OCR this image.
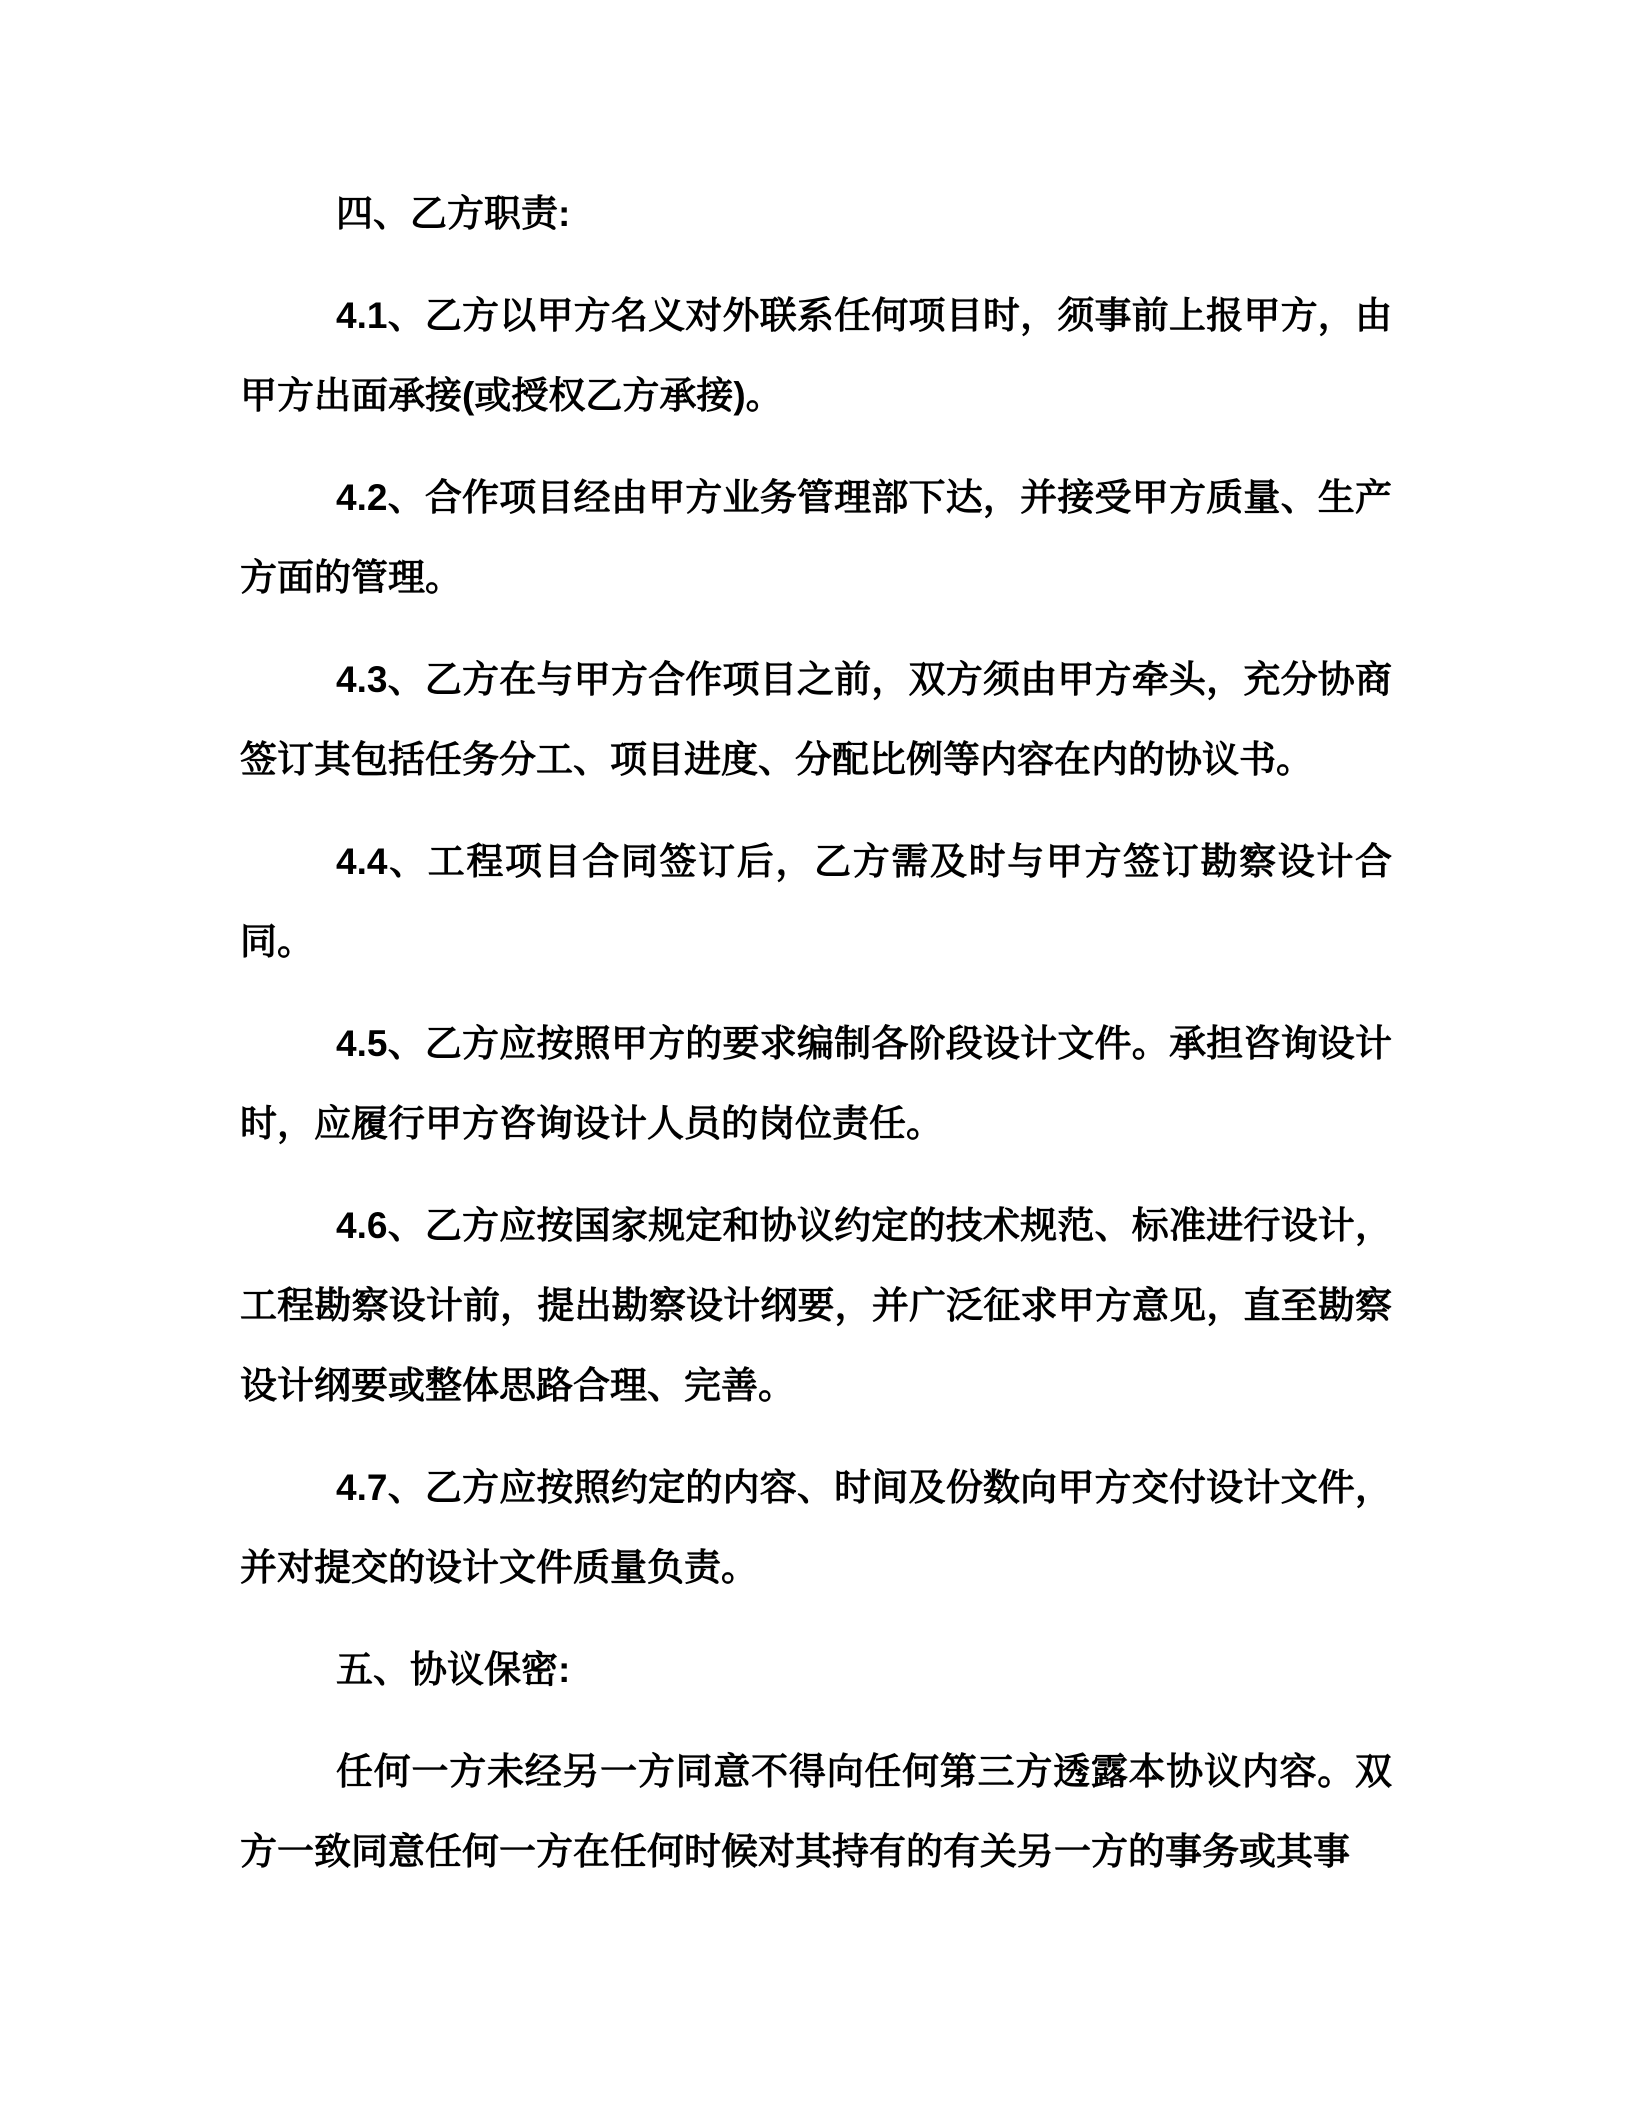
四、乙方职责:

4.1、乙方以甲方名义对外联系任何项目时，须事前上报甲方，由甲方出面承接(或授权乙方承接)。

4.2、合作项目经由甲方业务管理部下达，并接受甲方质量、生产方面的管理。

4.3、乙方在与甲方合作项目之前，双方须由甲方牵头，充分协商签订其包括任务分工、项目进度、分配比例等内容在内的协议书。

4.4、工程项目合同签订后，乙方需及时与甲方签订勘察设计合同。

4.5、乙方应按照甲方的要求编制各阶段设计文件。承担咨询设计时，应履行甲方咨询设计人员的岗位责任。

4.6、乙方应按国家规定和协议约定的技术规范、标准进行设计，工程勘察设计前，提出勘察设计纲要，并广泛征求甲方意见，直至勘察设计纲要或整体思路合理、完善。

4.7、乙方应按照约定的内容、时间及份数向甲方交付设计文件，并对提交的设计文件质量负责。

五、协议保密:

任何一方未经另一方同意不得向任何第三方透露本协议内容。双方一致同意任何一方在任何时候对其持有的有关另一方的事务或其事
